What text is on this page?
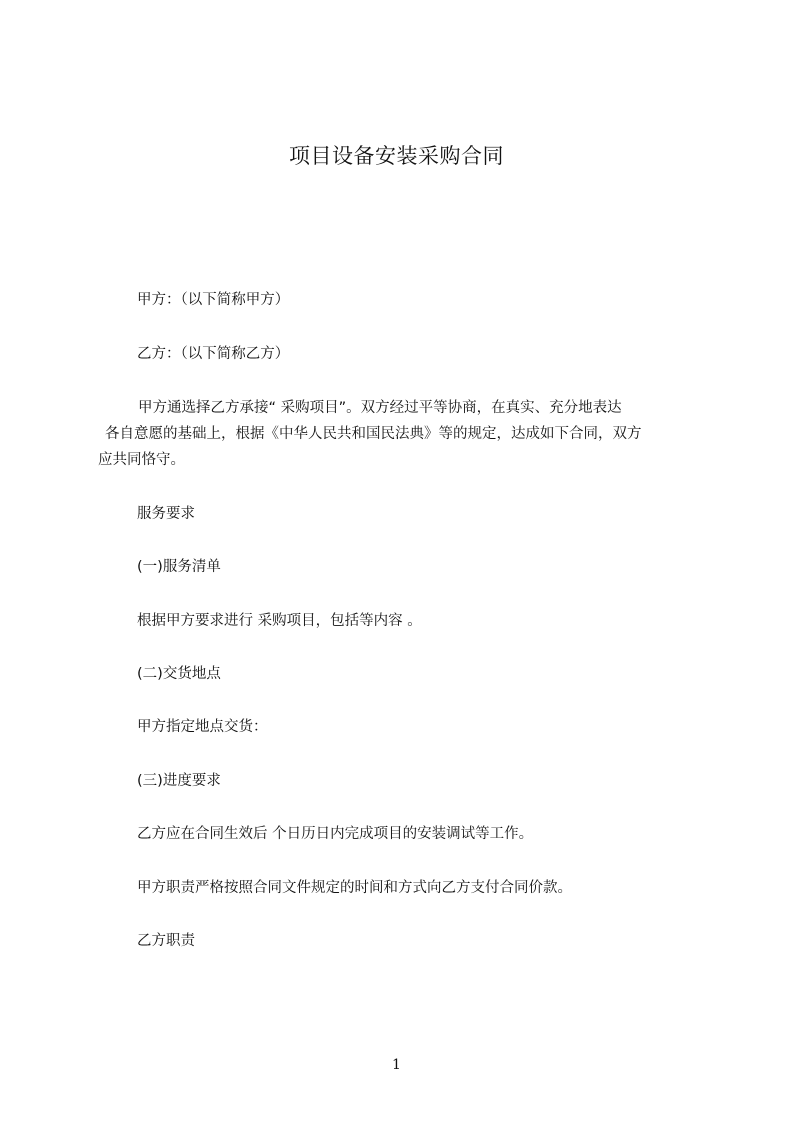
项目设备安装采购合同
甲方：（以下简称甲方）
乙方：（以下简称乙方）
甲方通选择乙方承接“ 采购项目”。双方经过平等协商，在真实、充分地表达
各自意愿的基础上，根据《中华人民共和国民法典》等的规定，达成如下合同，双方
应共同恪守。
服务要求
(一)服务清单
根据甲方要求进行 采购项目，包括等内容 。
(二)交货地点
甲方指定地点交货：
(三)进度要求
乙方应在合同生效后 个日历日内完成项目的安装调试等工作。
甲方职责严格按照合同文件规定的时间和方式向乙方支付合同价款。
乙方职责
1
